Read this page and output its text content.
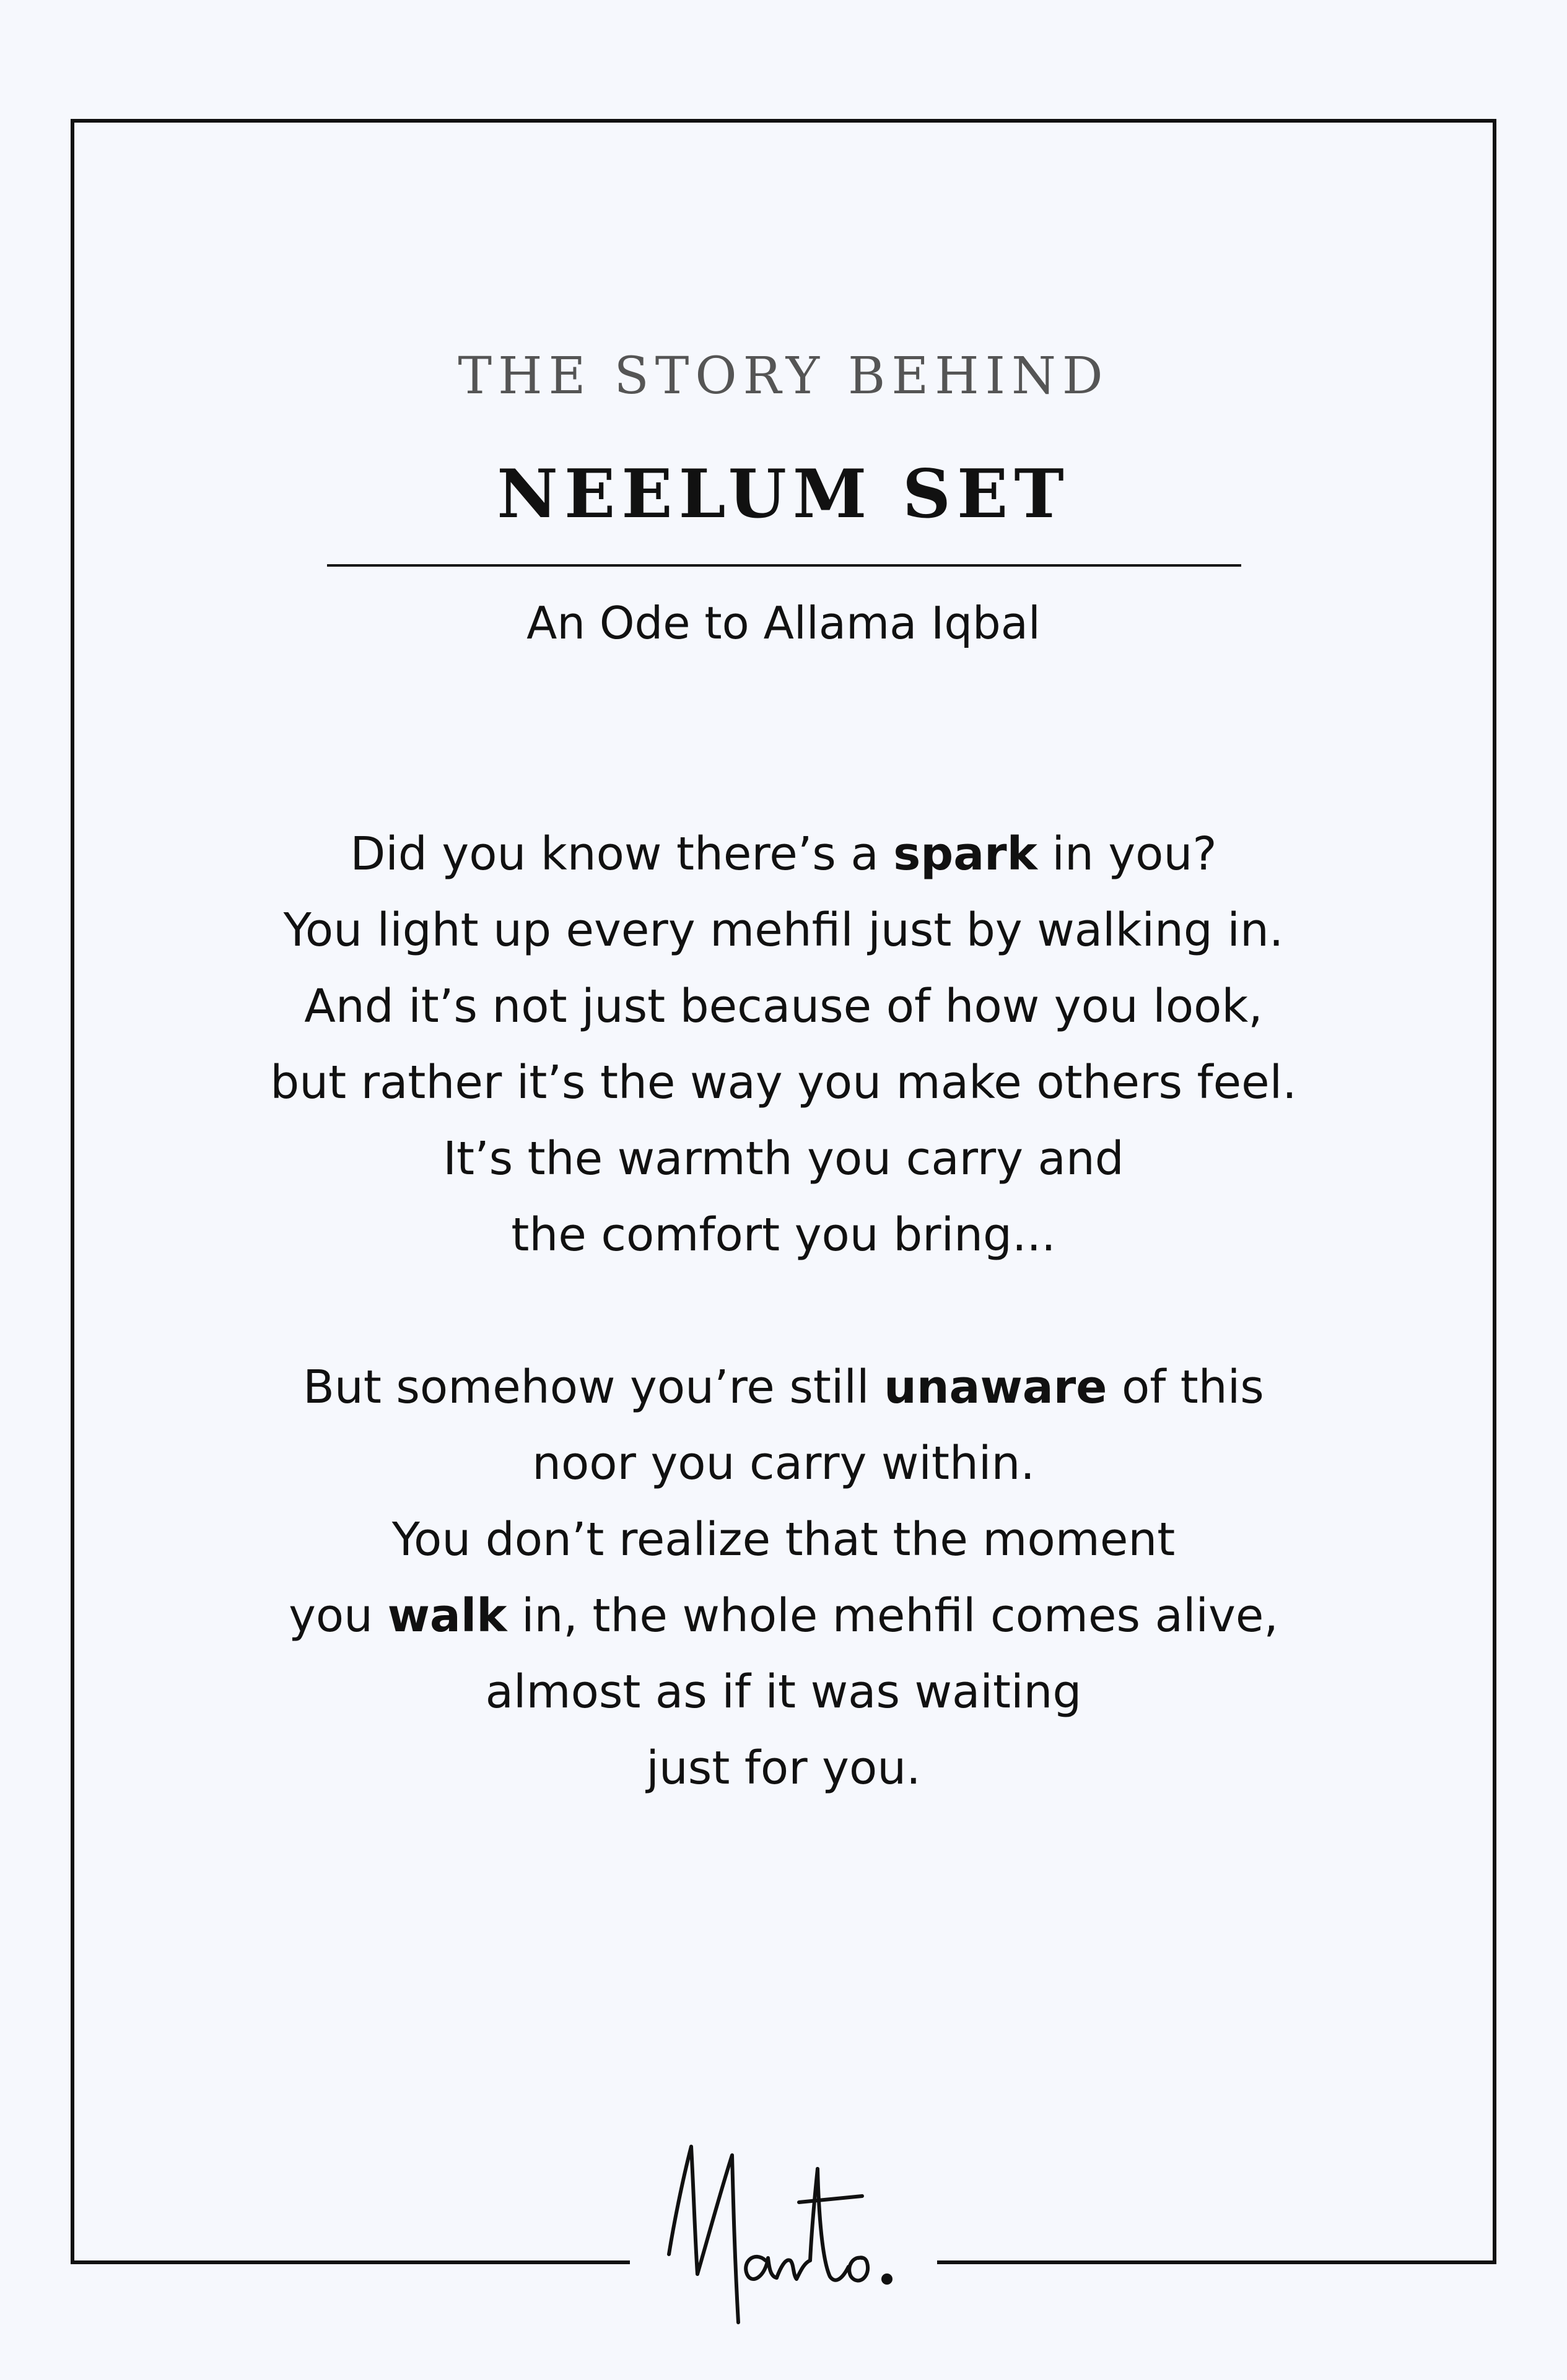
THE STORY BEHIND
NEELUM SET
An Ode to Allama Iqbal
Did you know there’s a spark in you?
You light up every mehfil just by walking in.
And it’s not just because of how you look,
but rather it’s the way you make others feel.
It’s the warmth you carry and
the comfort you bring...
But somehow you’re still unaware of this
noor you carry within.
You don’t realize that the moment
you walk in, the whole mehfil comes alive,
almost as if it was waiting
just for you.
